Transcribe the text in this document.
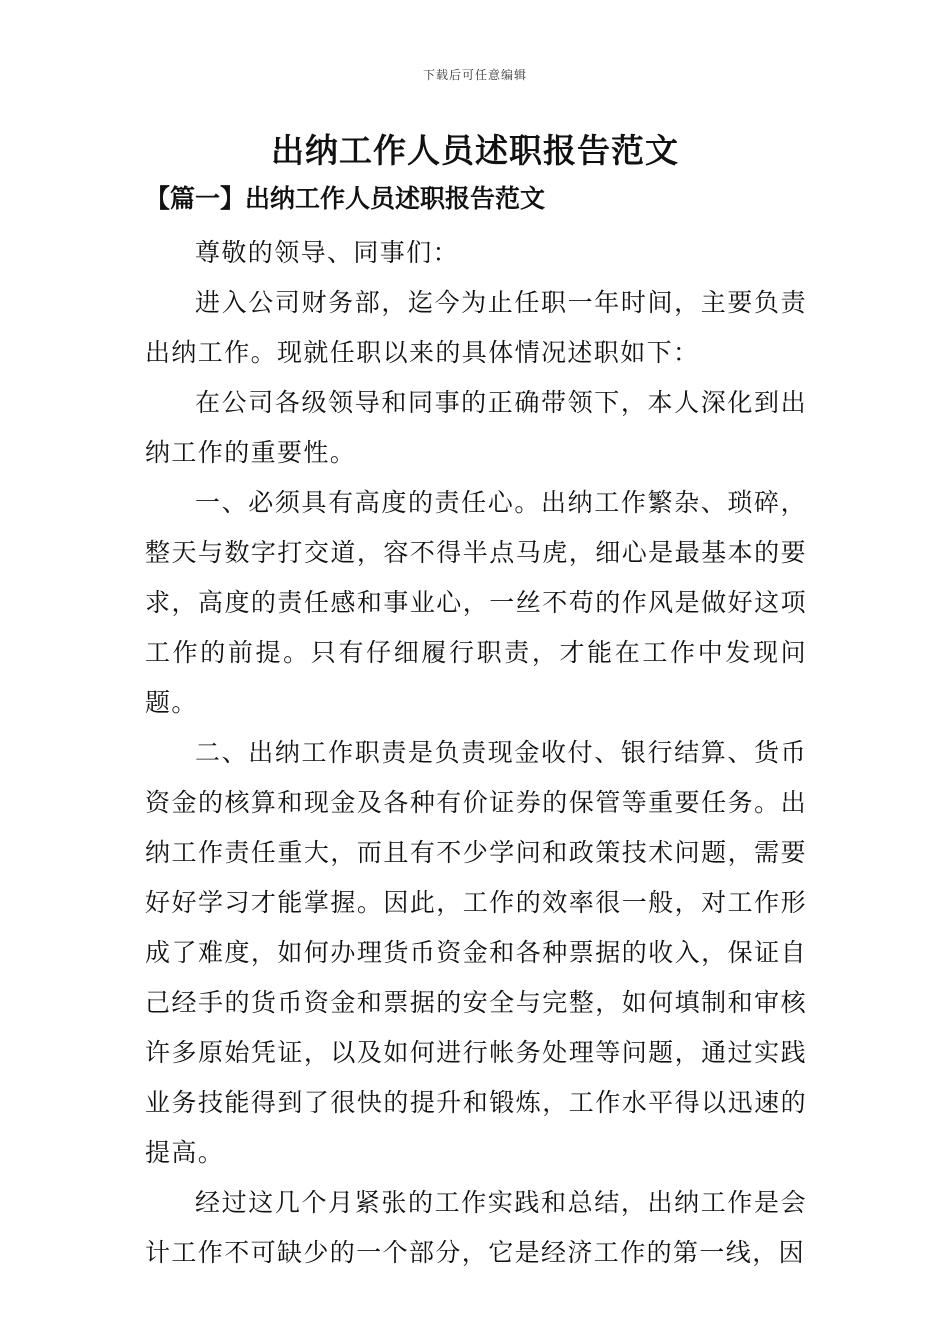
下载后可任意编辑
出纳工作人员述职报告范文
【篇一】出纳工作人员述职报告范文

尊敬的领导、同事们：

进入公司财务部，迄今为止任职一年时间，主要负责出纳工作。现就任职以来的具体情况述职如下：

在公司各级领导和同事的正确带领下，本人深化到出纳工作的重要性。

一、必须具有高度的责任心。出纳工作繁杂、琐碎，整天与数字打交道，容不得半点马虎，细心是最基本的要求，高度的责任感和事业心，一丝不苟的作风是做好这项工作的前提。只有仔细履行职责，才能在工作中发现问题。

二、出纳工作职责是负责现金收付、银行结算、货币资金的核算和现金及各种有价证券的保管等重要任务。出纳工作责任重大，而且有不少学问和政策技术问题，需要好好学习才能掌握。因此，工作的效率很一般，对工作形成了难度，如何办理货币资金和各种票据的收入，保证自己经手的货币资金和票据的安全与完整，如何填制和审核许多原始凭证，以及如何进行帐务处理等问题，通过实践业务技能得到了很快的提升和锻炼，工作水平得以迅速的提高。

经过这几个月紧张的工作实践和总结，出纳工作是会计工作不可缺少的一个部分，它是经济工作的第一线，因
